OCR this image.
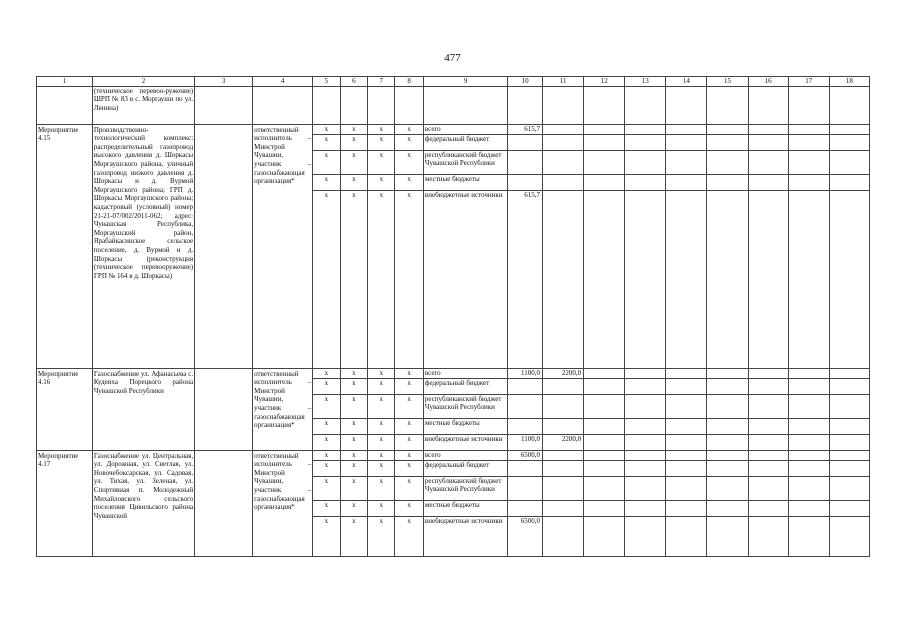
477
1	2	3	4	5	6	7	8	9	10	11	12	13	14	15	16	17	18
	(техническое перевоо-ружение) ШРП № 83 в с. Моргауши по ул. Ленина)																
Мероприятие 4.15	Производственно-технологический комплекс: распределительный газопровод высокого давления д. Шоркасы Моргаушского района, уличный газопровод низкого давления д. Шоркасы и д. Вурмой Моргаушского района; ГРП д. Шоркасы Моргаушского района; кадастровый (условный) номер 21-21-07/002/2011-062; адрес: Чувашская Республика, Моргаушский район, Ярабайкасинское сельское поселение, д. Вурмой и д. Шоркасы (реконструкция (техническое перевооружение) ГРП № 164 в д. Шоркасы)		ответственный исполнитель – Минстрой Чувашии, участник – газоснабжающая организация*	x	x	x	x	всего	615,7								
				x	x	x	x	федеральный бюджет									
				x	x	x	x	республиканский бюджет Чувашской Республики									
				x	x	x	x	местные бюджеты									
				x	x	x	x	внебюджетные источники	615,7								
Мероприятие 4.16	Газоснабжение ул. Афанасьева с. Кудеиха Порецкого района Чувашской Республики		ответственный исполнитель – Минстрой Чувашии, участник – газоснабжающая организация*	x	x	x	x	всего	1100,0	2200,0							
				x	x	x	x	федеральный бюджет									
				x	x	x	x	республиканский бюджет Чувашской Республики									
				x	x	x	x	местные бюджеты									
				x	x	x	x	внебюджетные источники	1100,0	2200,0							
Мероприятие 4.17	Газоснабжение ул. Центральная, ул. Дорожная, ул. Светлая, ул. Новочебоксарская, ул. Садовая, ул. Тихая, ул. Зеленая, ул. Спортивная п. Молодежный Михайловского сельского поселения Цивильского района Чувашской		ответственный исполнитель – Минстрой Чувашии, участник – газоснабжающая организация*	x	x	x	x	всего	6500,0								
				x	x	x	x	федеральный бюджет									
				x	x	x	x	республиканский бюджет Чувашской Республики									
				x	x	x	x	местные бюджеты									
				x	x	x	x	внебюджетные источники	6500,0								
